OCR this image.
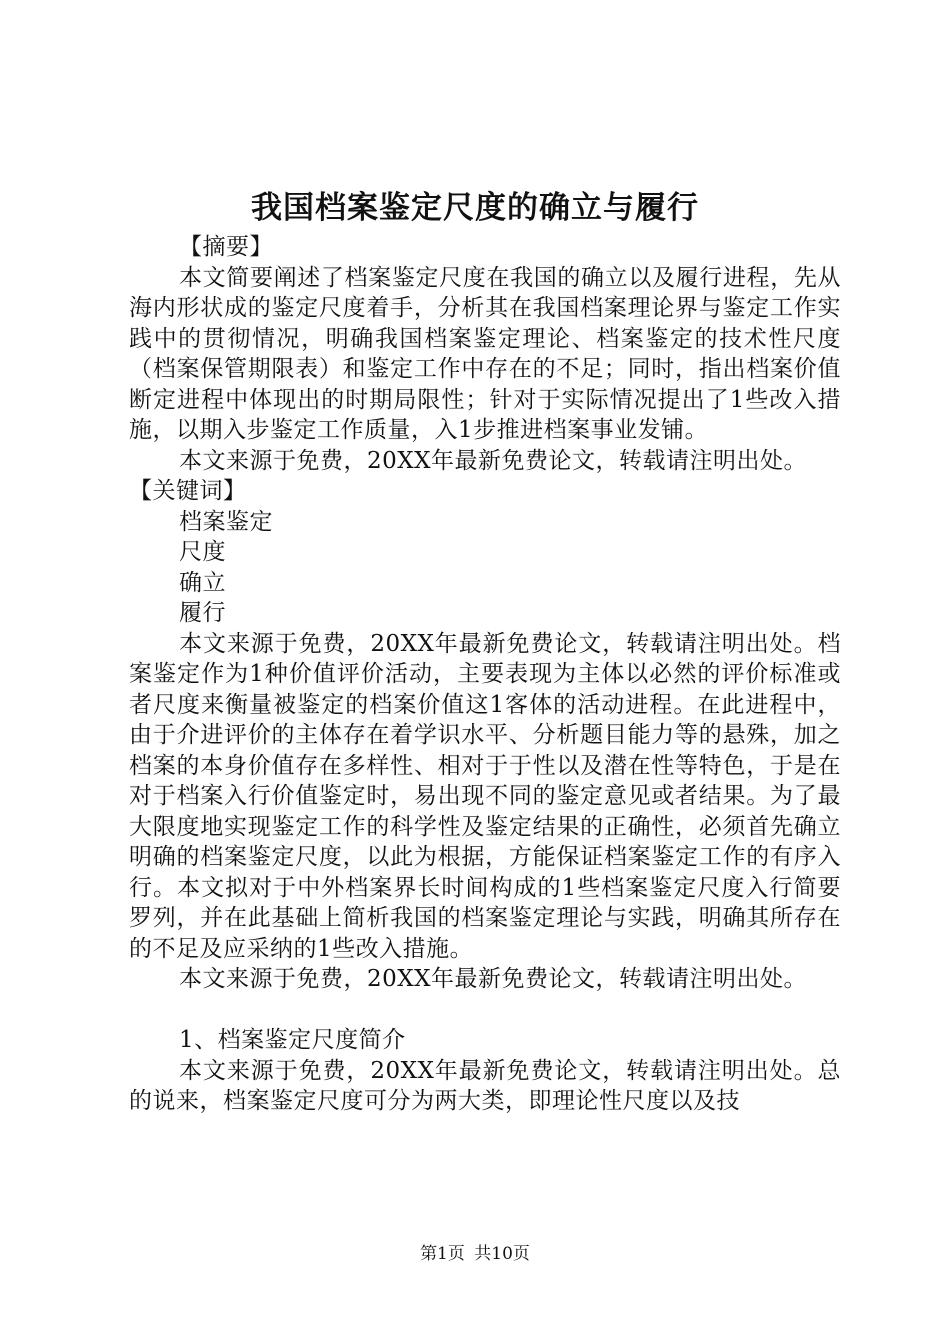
我国档案鉴定尺度的确立与履行

【摘要】

本文简要阐述了档案鉴定尺度在我国的确立以及履行进程，先从海内形状成的鉴定尺度着手，分析其在我国档案理论界与鉴定工作实践中的贯彻情况，明确我国档案鉴定理论、档案鉴定的技术性尺度（档案保管期限表）和鉴定工作中存在的不足；同时，指出档案价值断定进程中体现出的时期局限性；针对于实际情况提出了1些改入措施，以期入步鉴定工作质量，入1步推进档案事业发铺。

本文来源于免费，20XX年最新免费论文，转载请注明出处。

【关键词】

档案鉴定

尺度

确立

履行

本文来源于免费，20XX年最新免费论文，转载请注明出处。档案鉴定作为1种价值评价活动，主要表现为主体以必然的评价标准或者尺度来衡量被鉴定的档案价值这1客体的活动进程。在此进程中，由于介进评价的主体存在着学识水平、分析题目能力等的悬殊，加之档案的本身价值存在多样性、相对于于性以及潜在性等特色，于是在对于档案入行价值鉴定时，易出现不同的鉴定意见或者结果。为了最大限度地实现鉴定工作的科学性及鉴定结果的正确性，必须首先确立明确的档案鉴定尺度，以此为根据，方能保证档案鉴定工作的有序入行。本文拟对于中外档案界长时间构成的1些档案鉴定尺度入行简要罗列，并在此基础上简析我国的档案鉴定理论与实践，明确其所存在的不足及应采纳的1些改入措施。

本文来源于免费，20XX年最新免费论文，转载请注明出处。

1、档案鉴定尺度简介

本文来源于免费，20XX年最新免费论文，转载请注明出处。总的说来，档案鉴定尺度可分为两大类，即理论性尺度以及技

第1页 共10页
